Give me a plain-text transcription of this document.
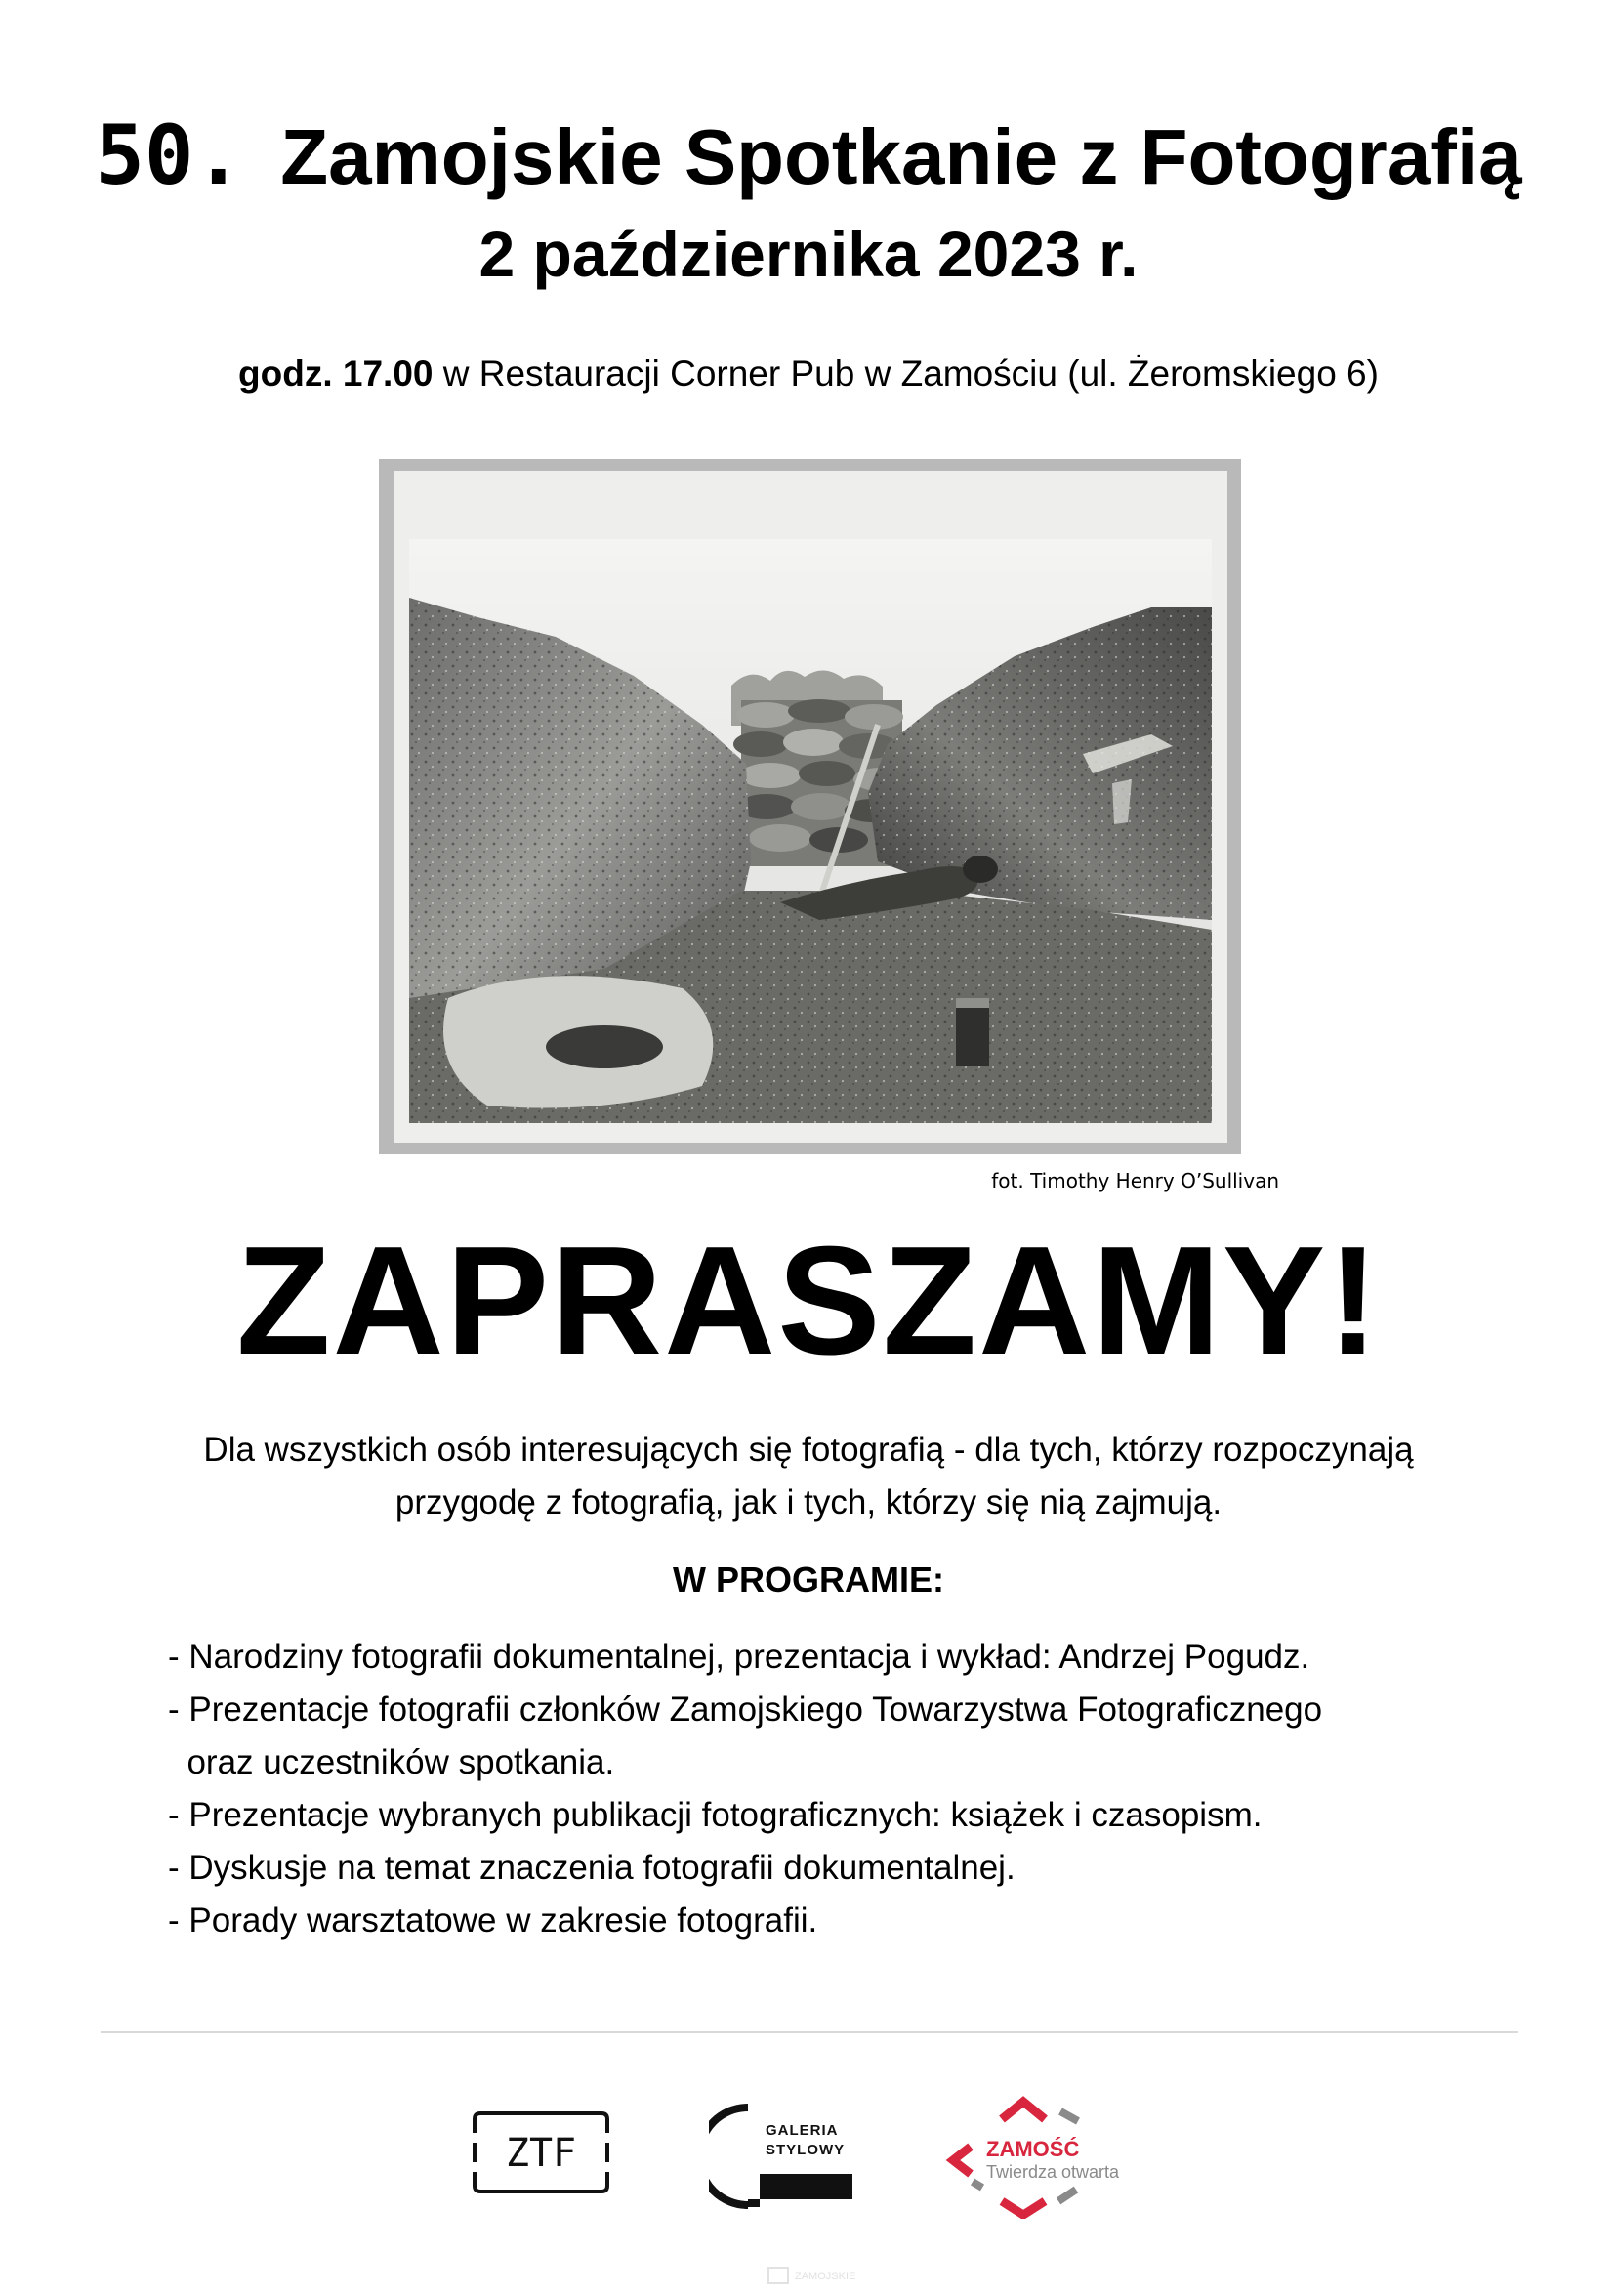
50. Zamojskie Spotkanie z Fotografią
2 października 2023 r.
godz. 17.00 w Restauracji Corner Pub w Zamościu (ul. Żeromskiego 6)
fot. Timothy Henry O’Sullivan
ZAPRASZAMY!
Dla wszystkich osób interesujących się fotografią - dla tych, którzy rozpoczynają
przygodę z fotografią, jak i tych, którzy się nią zajmują.
W PROGRAMIE:
- Narodziny fotografii dokumentalnej, prezentacja i wykład: Andrzej Pogudz.
- Prezentacje fotografii członków Zamojskiego Towarzystwa Fotograficznego
oraz uczestników spotkania.
- Prezentacje wybranych publikacji fotograficznych: książek i czasopism.
- Dyskusje na temat znaczenia fotografii dokumentalnej.
- Porady warsztatowe w zakresie fotografii.
ZTF
GALERIA
STYLOWY	ZAMOŚĆ
Twierdza otwarta
ZAMOJSKIE
